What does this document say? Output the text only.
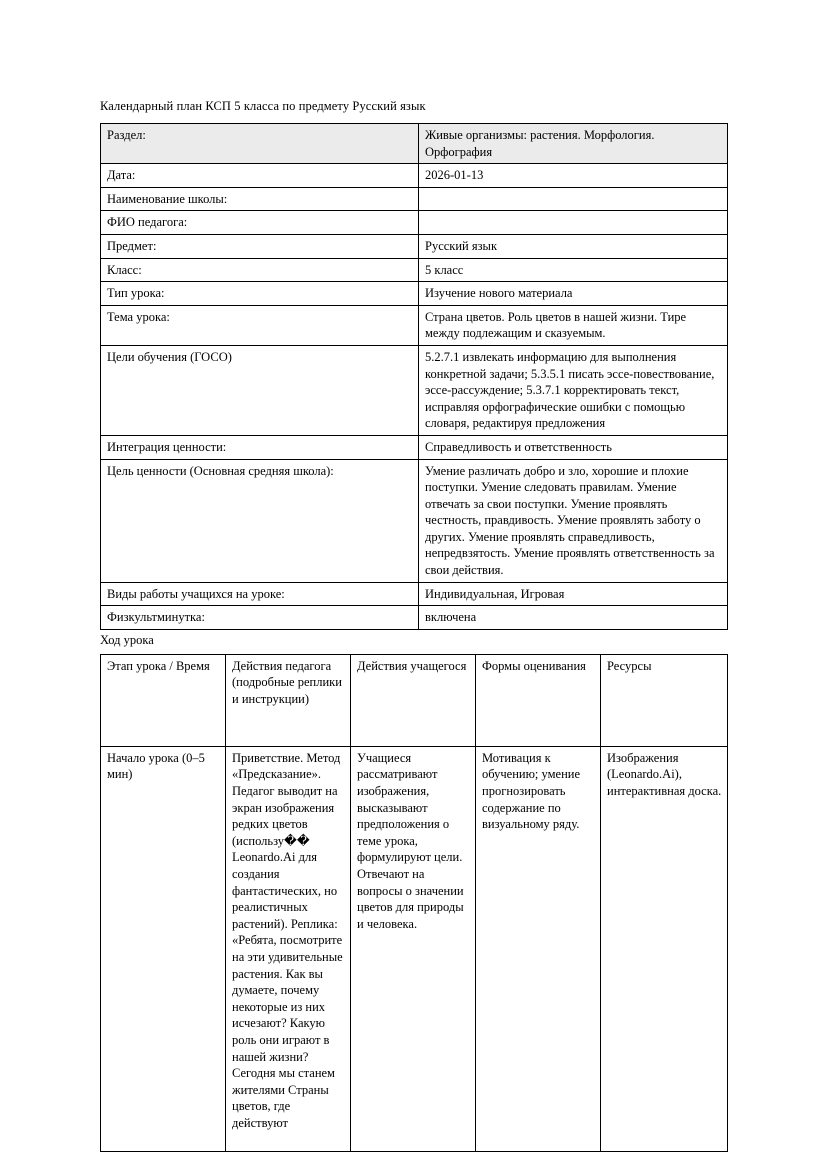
Календарный план КСП 5 класса по предмету Русский язык
Раздел:	Живые организмы: растения. Морфология. Орфография
Дата:	2026-01-13
Наименование школы:	
ФИО педагога:	
Предмет:	Русский язык
Класс:	5 класс
Тип урока:	Изучение нового материала
Тема урока:	Страна цветов. Роль цветов в нашей жизни. Тире между подлежащим и сказуемым.
Цели обучения (ГОСО)	5.2.7.1 извлекать информацию для выполнения конкретной задачи; 5.3.5.1 писать эссе-повествование, эссе-рассуждение; 5.3.7.1 корректировать текст, исправляя орфографические ошибки с помощью словаря, редактируя предложения
Интеграция ценности:	Справедливость и ответственность
Цель ценности (Основная средняя школа):	Умение различать добро и зло, хорошие и плохие поступки. Умение следовать правилам. Умение отвечать за свои поступки. Умение проявлять честность, правдивость. Умение проявлять заботу о других. Умение проявлять справедливость, непредвзятость. Умение проявлять ответственность за свои действия.
Виды работы учащихся на уроке:	Индивидуальная, Игровая
Физкультминутка:	включена
Ход урока
Этап урока / Время	Действия педагога (подробные реплики и инструкции)	Действия учащегося	Формы оценивания	Ресурсы

Начало урока (0–5 мин)	Приветствие. Метод «Предсказание». Педагог выводит на экран изображения редких цветов (использу�� Leonardo.Ai для создания фантастических, но реалистичных растений). Реплика: «Ребята, посмотрите на эти удивительные растения. Как вы думаете, почему некоторые из них исчезают? Какую роль они играют в нашей жизни? Сегодня мы станем жителями Страны цветов, где действуют	Учащиеся рассматривают изображения, высказывают предположения о теме урока, формулируют цели. Отвечают на вопросы о значении цветов для природы и человека.	Мотивация к обучению; умение прогнозировать содержание по визуальному ряду.	Изображения (Leonardo.Ai), интерактивная доска.
